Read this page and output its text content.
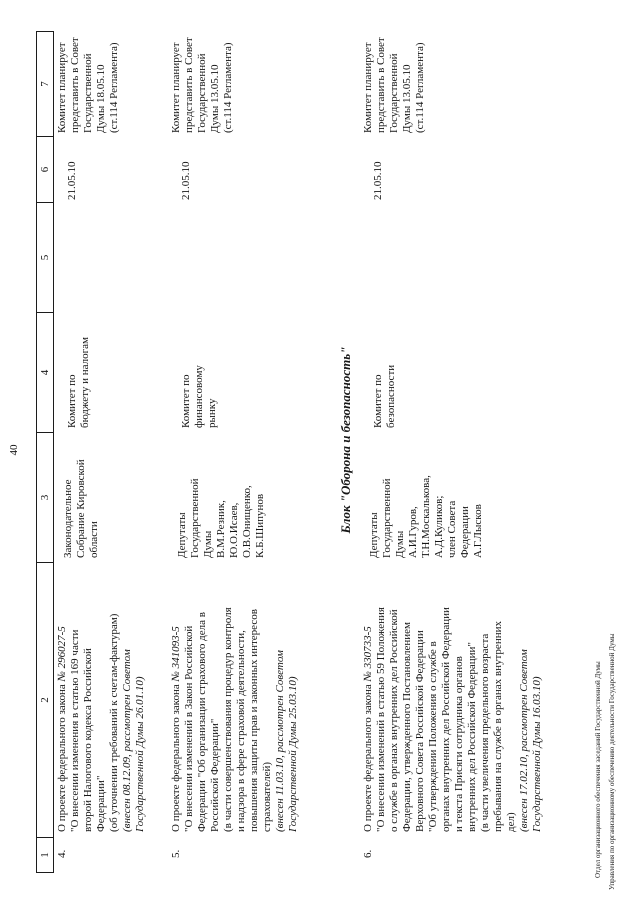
40
1
2
3
4
5
6
7
4.
О проекте федерального закона № 296027-5 "О внесении изменения в статью 169 части второй Налогового кодекса Российской Федерации" (об уточнении требований к счетам-фактурам) (внесен 08.12.09, рассмотрен Советом Государственной Думы 26.01.10)
Законодательное Собрание Кировской области
Комитет по бюджету и налогам
21.05.10
Комитет планирует представить в Совет Государственной Думы 18.05.10 (ст.114 Регламента)
5.
О проекте федерального закона № 341093-5 "О внесении изменений в Закон Российской Федерации "Об организации страхового дела в Российской Федерации" (в части совершенствования процедур контроля и надзора в сфере страховой деятельности, повышения защиты прав и законных интересов страхователей) (внесен 11.03.10, рассмотрен Советом Государственной Думы 25.03.10)
Депутаты Государственной Думы В.М.Резник, Ю.О.Исаев, О.В.Онищенко, К.Б.Шипунов
Комитет по финансовому рынку
21.05.10
Комитет планирует представить в Совет Государственной Думы 13.05.10 (ст.114 Регламента)
6.
О проекте федерального закона № 330733-5 "О внесении изменений в статью 59 Положения о службе в органах внутренних дел Российской Федерации, утвержденного Постановлением Верховного Совета Российской Федерации "Об утверждении Положения о службе в органах внутренних дел Российской Федерации и текста Присяги сотрудника органов внутренних дел Российской Федерации" (в части увеличения предельного возраста пребывания на службе в органах внутренних дел) (внесен 17.02.10, рассмотрен Советом Государственной Думы 16.03.10)
Депутаты Государственной Думы А.И.Гуров, Т.Н.Москалькова, А.Д.Куликов; член Совета Федерации А.Г.Лысков
Комитет по безопасности
21.05.10
Комитет планирует представить в Совет Государственной Думы 13.05.10 (ст.114 Регламента)
Блок "Оборона и безопасность"
Отдел организационного обеспечения заседаний Государственной Думы Управления по организационному обеспечению деятельности Государственной Думы
